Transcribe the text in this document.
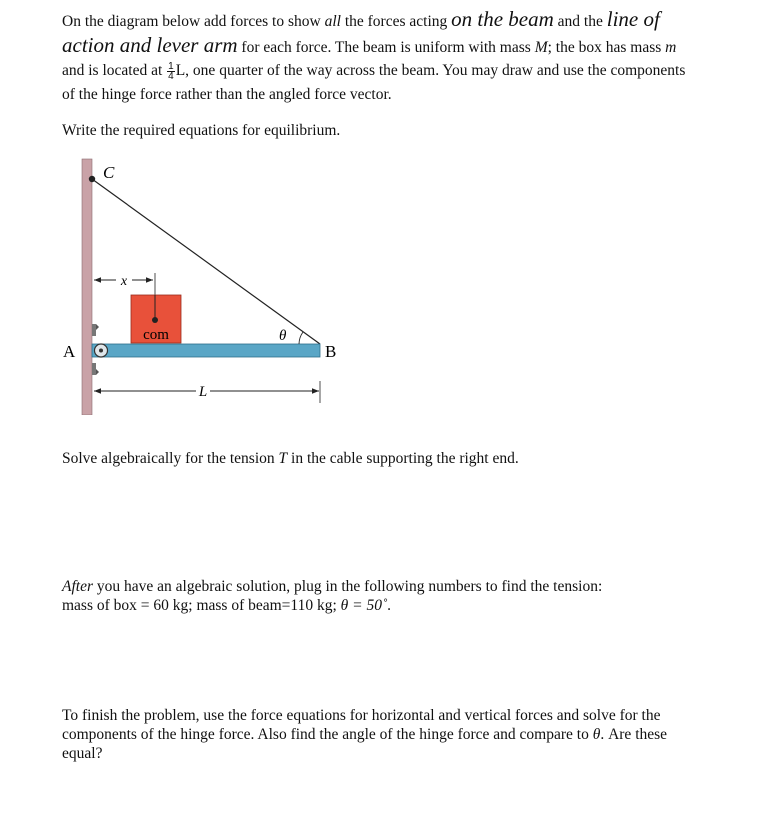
On the diagram below add forces to show all the forces acting on the beam and the line of action and lever arm for each force. The beam is uniform with mass M; the box has mass m and is located at $\frac{1}{4} L$, one quarter of the way across the beam. You may draw and use the components of the hinge force rather than the angled force vector.

Write the required equations for equilibrium.

x
com	θ
C
A	B
L

Solve algebraically for the tension T in the cable supporting the right end.

After you have an algebraic solution, plug in the following numbers to find the tension:
mass of box = 60 kg; mass of beam=110 kg; θ = 50˚.

To finish the problem, use the force equations for horizontal and vertical forces and solve for the components of the hinge force. Also find the angle of the hinge force and compare to θ. Are these equal?
